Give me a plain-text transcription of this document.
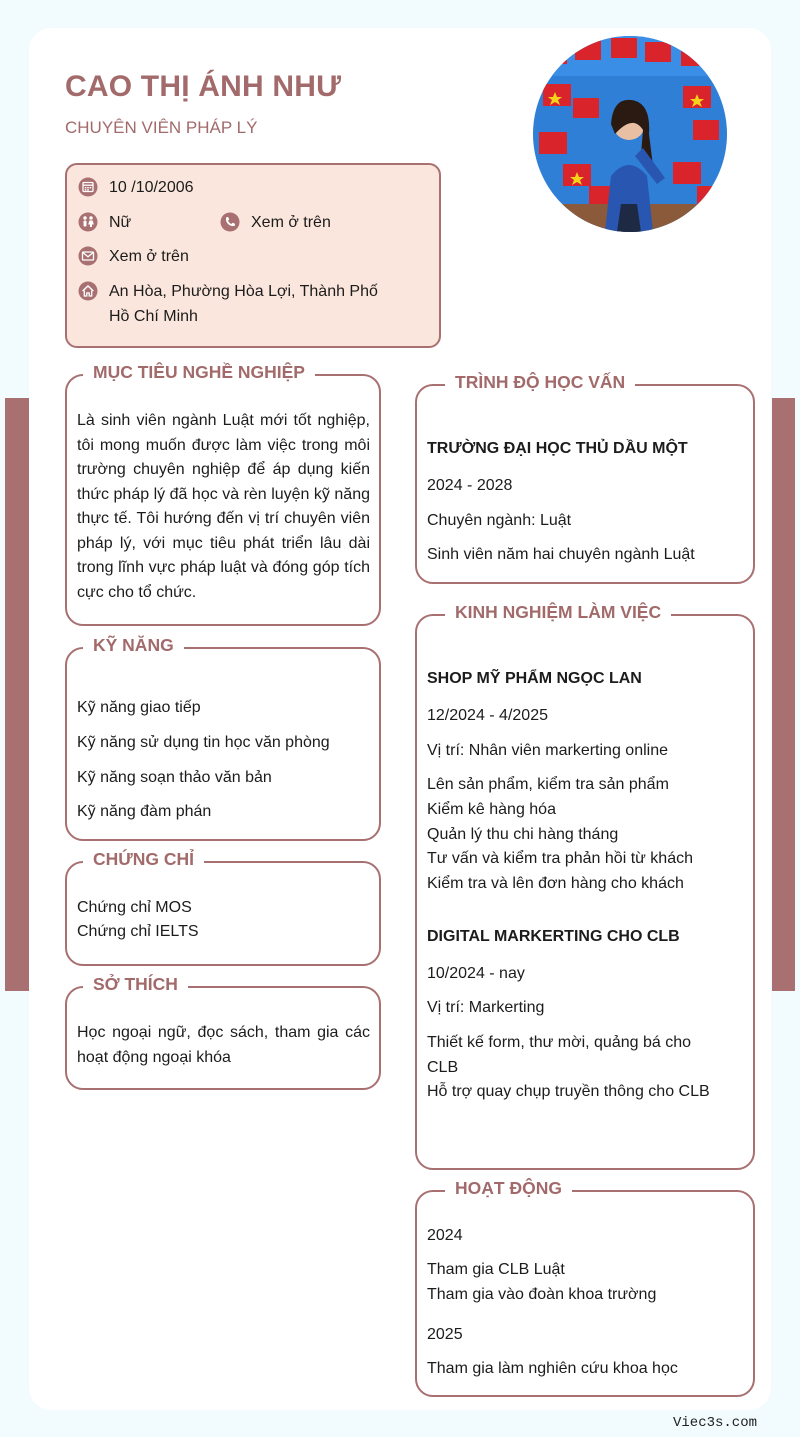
CAO THỊ ÁNH NHƯ
CHUYÊN VIÊN PHÁP LÝ
10 /10/2006
Nữ	Xem ở trên
Xem ở trên
An Hòa, Phường Hòa Lợi, Thành Phố
Hồ Chí Minh
MỤC TIÊU NGHỀ NGHIỆP
Là sinh viên ngành Luật mới tốt nghiệp, tôi mong muốn được làm việc trong môi trường chuyên nghiệp để áp dụng kiến thức pháp lý đã học và rèn luyện kỹ năng thực tế. Tôi hướng đến vị trí chuyên viên pháp lý, với mục tiêu phát triển lâu dài trong lĩnh vực pháp luật và đóng góp tích cực cho tổ chức.
KỸ NĂNG
Kỹ năng giao tiếp
Kỹ năng sử dụng tin học văn phòng
Kỹ năng soạn thảo văn bản
Kỹ năng đàm phán
CHỨNG CHỈ
Chứng chỉ MOS
Chứng chỉ IELTS
SỞ THÍCH
Học ngoại ngữ, đọc sách, tham gia các hoạt động ngoại khóa
TRÌNH ĐỘ HỌC VẤN
TRƯỜNG ĐẠI HỌC THỦ DẦU MỘT
2024 - 2028
Chuyên ngành: Luật
Sinh viên năm hai chuyên ngành Luật
KINH NGHIỆM LÀM VIỆC
SHOP MỸ PHẨM NGỌC LAN
12/2024 - 4/2025
Vị trí: Nhân viên markerting online
Lên sản phẩm, kiểm tra sản phẩm
Kiểm kê hàng hóa
Quản lý thu chi hàng tháng
Tư vấn và kiểm tra phản hồi từ khách
Kiểm tra và lên đơn hàng cho khách
DIGITAL MARKERTING CHO CLB
10/2024 - nay
Vị trí: Markerting
Thiết kế form, thư mời, quảng bá cho CLB
Hỗ trợ quay chụp truyền thông cho CLB
HOẠT ĐỘNG
2024
Tham gia CLB Luật
Tham gia vào đoàn khoa trường
2025
Tham gia làm nghiên cứu khoa học
Viec3s.com
